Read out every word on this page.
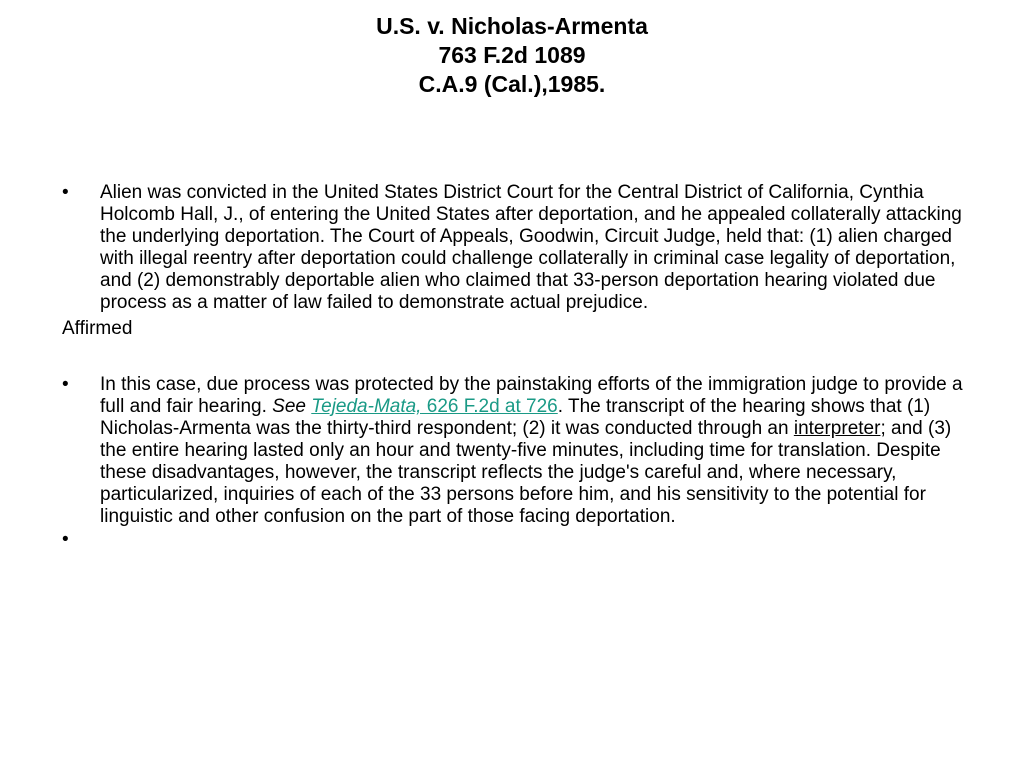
U.S. v. Nicholas-Armenta
763 F.2d 1089
C.A.9 (Cal.),1985.
• Alien was convicted in the United States District Court for the Central District of California, Cynthia Holcomb Hall, J., of entering the United States after deportation, and he appealed collaterally attacking the underlying deportation. The Court of Appeals, Goodwin, Circuit Judge, held that: (1) alien charged with illegal reentry after deportation could challenge collaterally in criminal case legality of deportation, and (2) demonstrably deportable alien who claimed that 33-person deportation hearing violated due process as a matter of law failed to demonstrate actual prejudice.
Affirmed
• In this case, due process was protected by the painstaking efforts of the immigration judge to provide a full and fair hearing. See Tejeda-Mata, 626 F.2d at 726. The transcript of the hearing shows that (1) Nicholas-Armenta was the thirty-third respondent; (2) it was conducted through an interpreter; and (3) the entire hearing lasted only an hour and twenty-five minutes, including time for translation. Despite these disadvantages, however, the transcript reflects the judge's careful and, where necessary, particularized, inquiries of each of the 33 persons before him, and his sensitivity to the potential for linguistic and other confusion on the part of those facing deportation.
•
